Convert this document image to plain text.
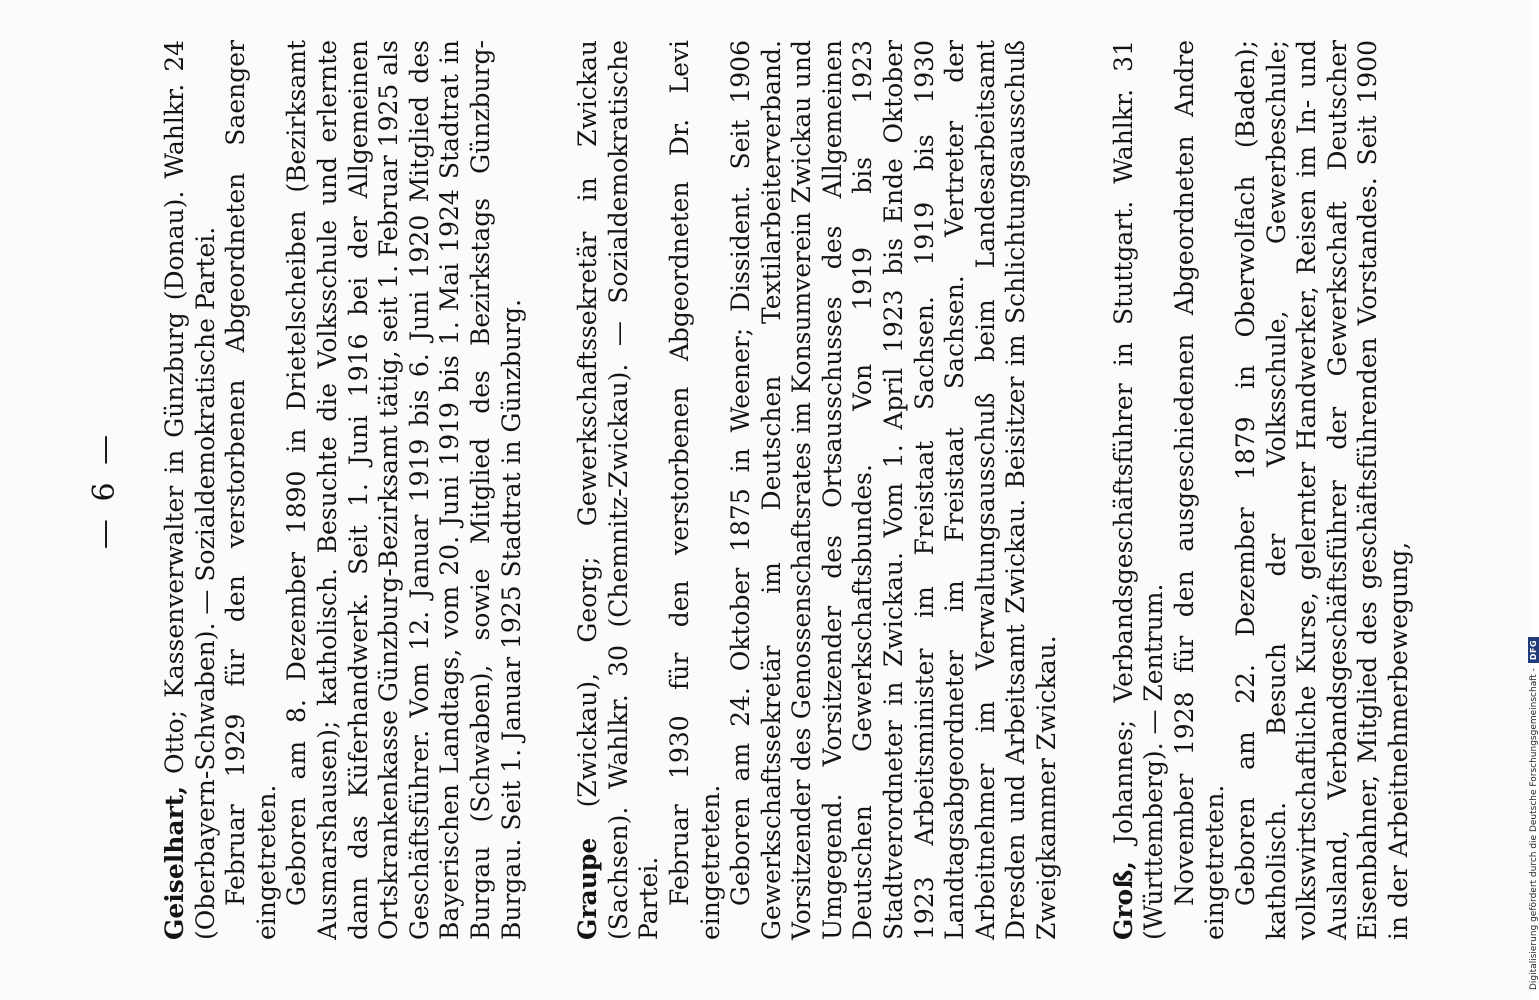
— 6 —

Geiselhart, Otto; Kassenverwalter in Günzburg (Donau). Wahlkr. 24 (Oberbayern-Schwaben). — Sozialdemokratische Partei. Februar 1929 für den verstorbenen Abgeordneten Saenger eingetreten. Geboren am 8. Dezember 1890 in Drietelscheiben (Bezirksamt Ausmarshausen); katholisch. Besuchte die Volksschule und erlernte dann das Küferhandwerk. Seit 1. Juni 1916 bei der Allgemeinen Ortskrankenkasse Günzburg-Bezirksamt tätig, seit 1. Februar 1925 als Geschäftsführer. Vom 12. Januar 1919 bis 6. Juni 1920 Mitglied des Bayerischen Landtags, vom 20. Juni 1919 bis 1. Mai 1924 Stadtrat in Burgau (Schwaben), sowie Mitglied des Bezirkstags Günzburg-Burgau. Seit 1. Januar 1925 Stadtrat in Günzburg. Graupe (Zwickau), Georg; Gewerkschaftssekretär in Zwickau (Sachsen). Wahlkr. 30 (Chemnitz-Zwickau). — Sozialdemokratische Partei. Februar 1930 für den verstorbenen Abgeordneten Dr. Levi eingetreten. Geboren am 24. Oktober 1875 in Weener; Dissident. Seit 1906 Gewerkschaftssekretär im Deutschen Textilarbeiterverband. Vorsitzender des Genossenschaftsrates im Konsumverein Zwickau und Umgegend. Vorsitzender des Ortsausschusses des Allgemeinen Deutschen Gewerkschaftsbundes. Von 1919 bis 1923 Stadtverordneter in Zwickau. Vom 1. April 1923 bis Ende Oktober 1923 Arbeitsminister im Freistaat Sachsen. 1919 bis 1930 Landtagsabgeordneter im Freistaat Sachsen. Vertreter der Arbeitnehmer im Verwaltungsausschuß beim Landesarbeitsamt Dresden und Arbeitsamt Zwickau. Beisitzer im Schlichtungsausschuß Zweigkammer Zwickau. Groß, Johannes; Verbandsgeschäftsführer in Stuttgart. Wahlkr. 31 (Württemberg). — Zentrum. November 1928 für den ausgeschiedenen Abgeordneten Andre eingetreten. Geboren am 22. Dezember 1879 in Oberwolfach (Baden); katholisch. Besuch der Volksschule, Gewerbeschule; volkswirtschaftliche Kurse, gelernter Handwerker, Reisen im In- und Ausland, Verbandsgeschäftsführer der Gewerkschaft Deutscher Eisenbahner, Mitglied des geschäftsführenden Vorstandes. Seit 1900 in der Arbeitnehmerbewegung,	Digitalisierung gefördert durch die Deutsche Forschungsgemeinschaft -
DFG
